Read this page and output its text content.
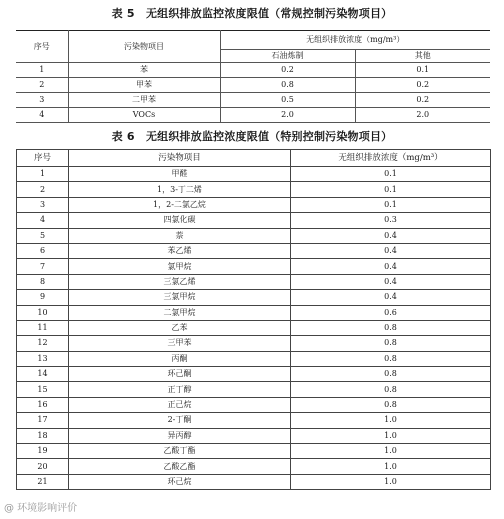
表 5　无组织排放监控浓度限值（常规控制污染物项目）
序号	污染物项目	无组织排放浓度（mg/m³）	
		石油炼制	其他
1	苯	0.2	0.1
2	甲苯	0.8	0.2
3	二甲苯	0.5	0.2
4	VOCs	2.0	2.0
表 6　无组织排放监控浓度限值（特别控制污染物项目）
序号	污染物项目	无组织排放浓度（mg/m³）
1	甲醛	0.1
2	1，3-丁二烯	0.1
3	1，2-二氯乙烷	0.1
4	四氯化碳	0.3
5	萘	0.4
6	苯乙烯	0.4
7	氯甲烷	0.4
8	三氯乙烯	0.4
9	三氯甲烷	0.4
10	二氯甲烷	0.6
11	乙苯	0.8
12	三甲苯	0.8
13	丙酮	0.8
14	环己酮	0.8
15	正丁醇	0.8
16	正己烷	0.8
17	2-丁酮	1.0
18	异丙醇	1.0
19	乙酸丁酯	1.0
20	乙酸乙酯	1.0
21	环己烷	1.0
@ 环境影响评价
